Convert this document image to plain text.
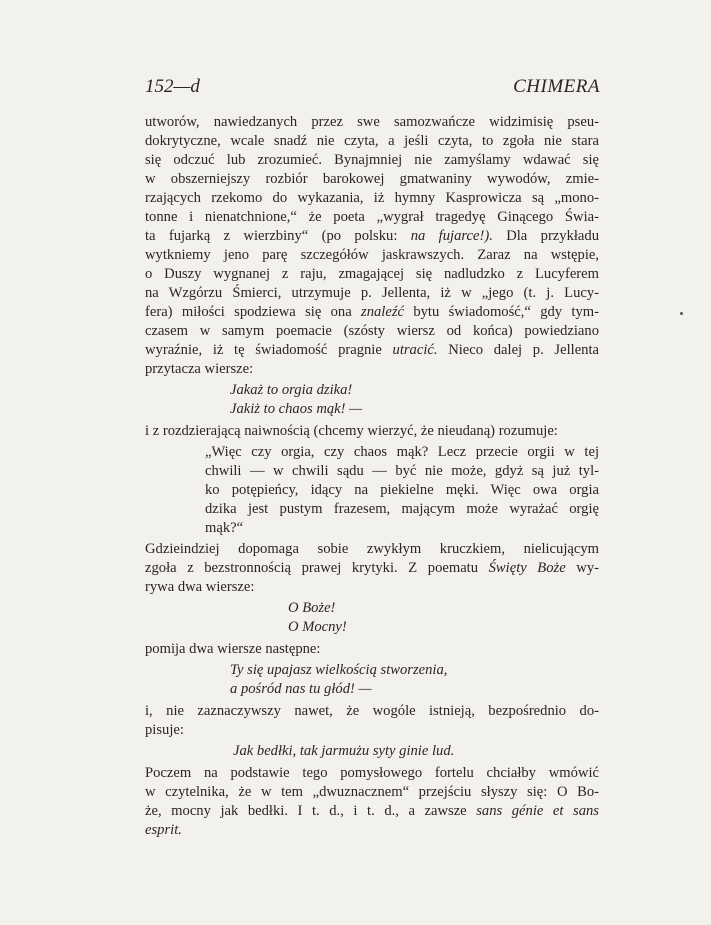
152—d	CHIMERA

utworów, nawiedzanych przez swe samozwańcze widzimisię pseu-

dokrytyczne, wcale snadź nie czyta, a jeśli czyta, to zgoła nie stara

się odczuć lub zrozumieć. Bynajmniej nie zamyślamy wdawać się

w obszerniejszy rozbiór barokowej gmatwaniny wywodów, zmie-

rzających rzekomo do wykazania, iż hymny Kasprowicza są „mono-

tonne i nienatchnione,“ że poeta „wygrał tragedyę Ginącego Świa-

ta fujarką z wierzbiny“ (po polsku: na fujarce!). Dla przykładu

wytkniemy jeno parę szczegółów jaskrawszych. Zaraz na wstępie,

o Duszy wygnanej z raju, zmagającej się nadludzko z Lucyferem

na Wzgórzu Śmierci, utrzymuje p. Jellenta, iż w „jego (t. j. Lucy-

fera) miłości spodziewa się ona znaleźć bytu świadomość,“ gdy tym-

czasem w samym poemacie (szósty wiersz od końca) powiedziano

wyraźnie, iż tę świadomość pragnie utracić. Nieco dalej p. Jellenta

przytacza wiersze:

Jakaż to orgia dzika!
Jakiż to chaos mąk! —

i z rozdzierającą naiwnością (chcemy wierzyć, że nieudaną) rozumuje:

„Więc czy orgia, czy chaos mąk? Lecz przecie orgii w tej

chwili — w chwili sądu — być nie może, gdyż są już tyl-

ko potępieńcy, idący na piekielne męki. Więc owa orgia

dzika jest pustym frazesem, mającym może wyrażać orgię

mąk?“

Gdzieindziej dopomaga sobie zwykłym kruczkiem, nielicującym

zgoła z bezstronnością prawej krytyki. Z poematu Święty Boże wy-

rywa dwa wiersze:

O Boże!
O Mocny!

pomija dwa wiersze następne:

Ty się upajasz wielkością stworzenia,
a pośród nas tu głód! —

i, nie zaznaczywszy nawet, że wogóle istnieją, bezpośrednio do-

pisuje:

Jak bedłki, tak jarmużu syty ginie lud.

Poczem na podstawie tego pomysłowego fortelu chciałby wmówić

w czytelnika, że w tem „dwuznacznem“ przejściu słyszy się: O Bo-

że, mocny jak bedłki. I t. d., i t. d., a zawsze sans génie et sans

esprit.
